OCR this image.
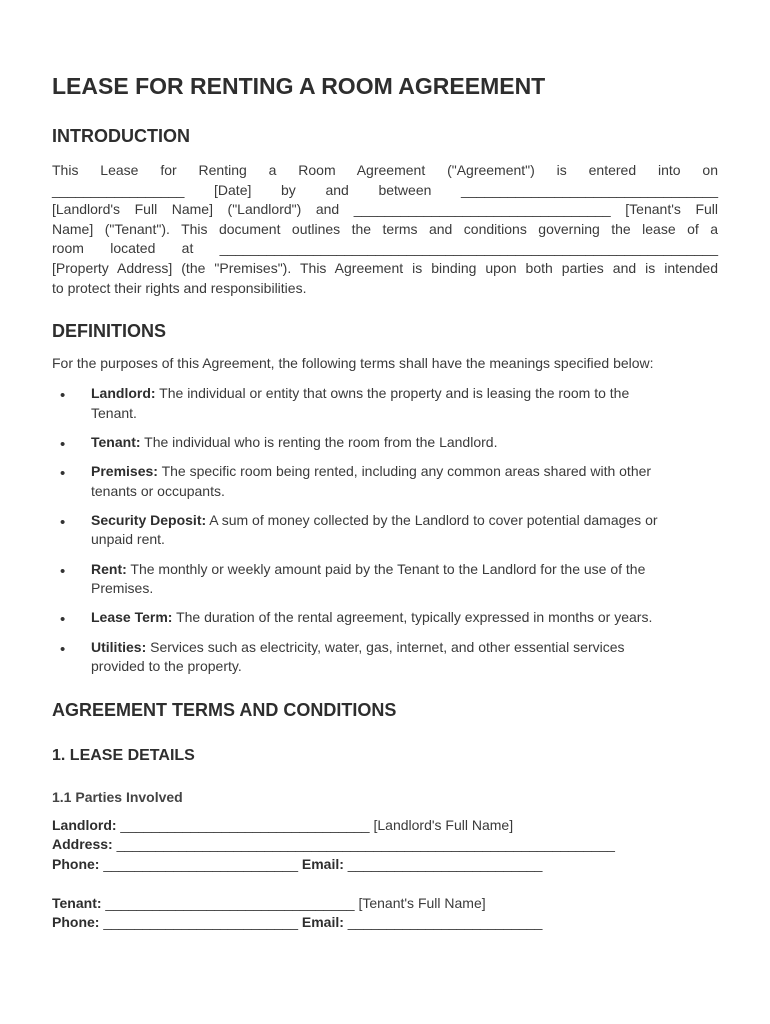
LEASE FOR RENTING A ROOM AGREEMENT
INTRODUCTION

This Lease for Renting a Room Agreement ("Agreement") is entered into on
_________________ [Date] by and between _________________________________
[Landlord's Full Name] ("Landlord") and _________________________________ [Tenant's Full
Name] ("Tenant"). This document outlines the terms and conditions governing the lease of a
room located at ________________________________________________________________
[Property Address] (the "Premises"). This Agreement is binding upon both parties and is intended
to protect their rights and responsibilities.

DEFINITIONS

For the purposes of this Agreement, the following terms shall have the meanings specified below:

• Landlord: The individual or entity that owns the property and is leasing the room to the
Tenant.
• Tenant: The individual who is renting the room from the Landlord.
• Premises: The specific room being rented, including any common areas shared with other
tenants or occupants.
• Security Deposit: A sum of money collected by the Landlord to cover potential damages or
unpaid rent.
• Rent: The monthly or weekly amount paid by the Tenant to the Landlord for the use of the
Premises.
• Lease Term: The duration of the rental agreement, typically expressed in months or years.
• Utilities: Services such as electricity, water, gas, internet, and other essential services
provided to the property.
AGREEMENT TERMS AND CONDITIONS
1. LEASE DETAILS
1.1 Parties Involved

Landlord: ________________________________ [Landlord's Full Name]

Address: ________________________________________________________________

Phone: _________________________ Email: _________________________

Tenant: ________________________________ [Tenant's Full Name]

Phone: _________________________ Email: _________________________
